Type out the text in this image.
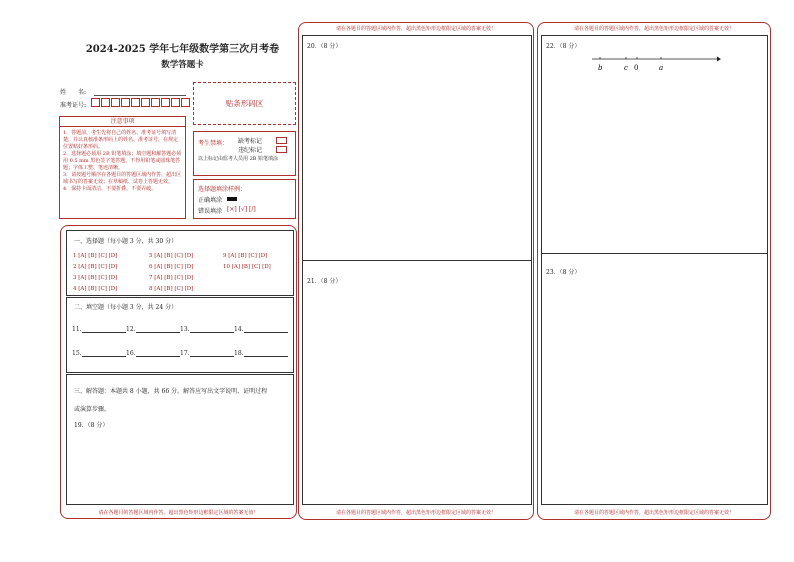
2024-2025 学年七年级数学第三次月考卷
数学答题卡
姓　　名:
准考证号:	贴条形码区
注意事项
1．答题前，考生先将自己的姓名、准考证号填写清楚，并认真核准条形码上的姓名、准考证号，在规定位置贴好条形码。
2．选择题必须用 2B 铅笔填涂；填空题和解答题必须用 0.5 mm 黑色签字笔答题，不得用铅笔或圆珠笔答题；字体工整、笔迹清晰。
3．请按题号顺序在各题目的答题区域内作答，超出区域书写的答案无效；在草稿纸、试卷上答题无效。
4．保持卡面清洁，不要折叠、不要弄破。
考生禁填： 缺考标记
违纪标记
以上标记由监考人员用 2B 铅笔填涂
选择题填涂样例：
正确填涂
错误填涂 [×] [√] [/]
请在各题目的答题区域内作答，超出黑色矩形边框限定区域的答案无效！
一、选择题（每小题 3 分，共 30 分）
1 [A] [B] [C] [D]	5 [A] [B] [C] [D]	9 [A] [B] [C] [D]
2 [A] [B] [C] [D]	6 [A] [B] [C] [D]	10 [A] [B] [C] [D]
3 [A] [B] [C] [D]	7 [A] [B] [C] [D]
4 [A] [B] [C] [D]	8 [A] [B] [C] [D]
二、填空题（每小题 3 分，共 24 分）
11.	12.	13.	14.
15.	16.	17.	18.
三、解答题：本题共 8 小题，共 66 分。解答应写出文字说明、证明过程
或演算步骤。
19．（8 分）
请在各题目的答题区域内作答，超出黑色矩形边框限定区域的答案无效！
请在各题目的答题区域内作答，超出黑色矩形边框限定区域的答案无效！
20．（8 分）
21．（8 分）
请在各题目的答题区域内作答，超出黑色矩形边框限定区域的答案无效！
请在各题目的答题区域内作答，超出黑色矩形边框限定区域的答案无效！
22．（8 分）
b	c 0	a
23．（8 分）
